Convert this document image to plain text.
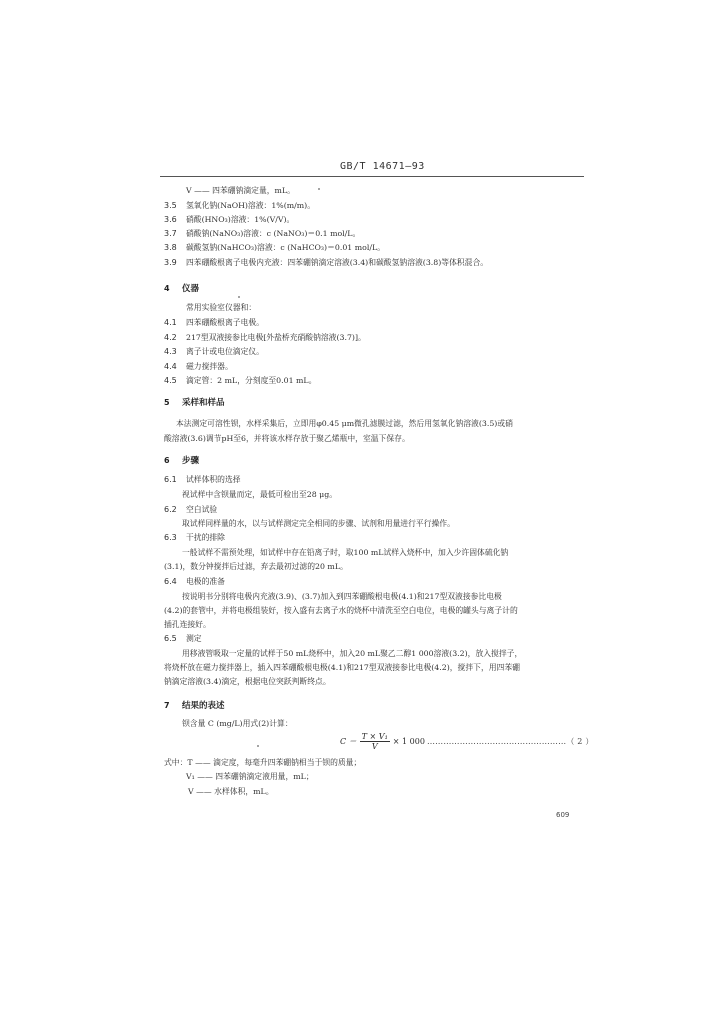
GB/T 14671—93
V —— 四苯硼钠滴定量，mL。
3.5 氢氧化钠(NaOH)溶液：1%(m/m)。
3.6 硝酸(HNO₃)溶液：1%(V/V)。
3.7 硝酸钠(NaNO₃)溶液：c (NaNO₃)＝0.1 mol/L。
3.8 碳酸氢钠(NaHCO₃)溶液：c (NaHCO₃)＝0.01 mol/L。
3.9 四苯硼酸根离子电极内充液：四苯硼钠滴定溶液(3.4)和碳酸氢钠溶液(3.8)等体积混合。
4 仪器
常用实验室仪器和：
4.1 四苯硼酸根离子电极。
4.2 217型双液接参比电极[外盐桥充硝酸钠溶液(3.7)]。
4.3 离子计或电位滴定仪。
4.4 磁力搅拌器。
4.5 滴定管：2 mL，分刻度至0.01 mL。
5 采样和样品
本法测定可溶性钡，水样采集后，立即用φ0.45 μm微孔滤膜过滤，然后用氢氧化钠溶液(3.5)或硝
酸溶液(3.6)调节pH至6，并将该水样存放于聚乙烯瓶中，室温下保存。
6 步骤
6.1 试样体积的选择
视试样中含钡量而定，最低可检出至28 μg。
6.2 空白试验
取试样同样量的水，以与试样测定完全相同的步骤、试剂和用量进行平行操作。
6.3 干扰的排除
一般试样不需预处理，如试样中存在铅离子时，取100 mL试样入烧杯中，加入少许固体硫化钠
(3.1)，数分钟搅拌后过滤，弃去最初过滤的20 mL。
6.4 电极的准备
按说明书分别将电极内充液(3.9)、(3.7)加入到四苯硼酸根电极(4.1)和217型双液接参比电极
(4.2)的套管中，并将电极组装好，按入盛有去离子水的烧杯中清洗至空白电位，电极的罐头与离子计的
插孔连接好。
6.5 测定
用移液管吸取一定量的试样于50 mL烧杯中，加入20 mL聚乙二醇1 000溶液(3.2)，放入搅拌子，
将烧杯放在磁力搅拌器上，插入四苯硼酸根电极(4.1)和217型双液接参比电极(4.2)，搅拌下，用四苯硼
钠滴定溶液(3.4)滴定，根据电位突跃判断终点。
7 结果的表述
钡含量 C (mg/L)用式(2)计算：
$C = \frac{\text{T × V₁}}{V} \times 1$ 000 ……………………………………………（ 2 ）
式中：T —— 滴定度，每毫升四苯硼钠相当于钡的质量；
V₁ —— 四苯硼钠滴定液用量，mL；
V —— 水样体积，mL。
609
